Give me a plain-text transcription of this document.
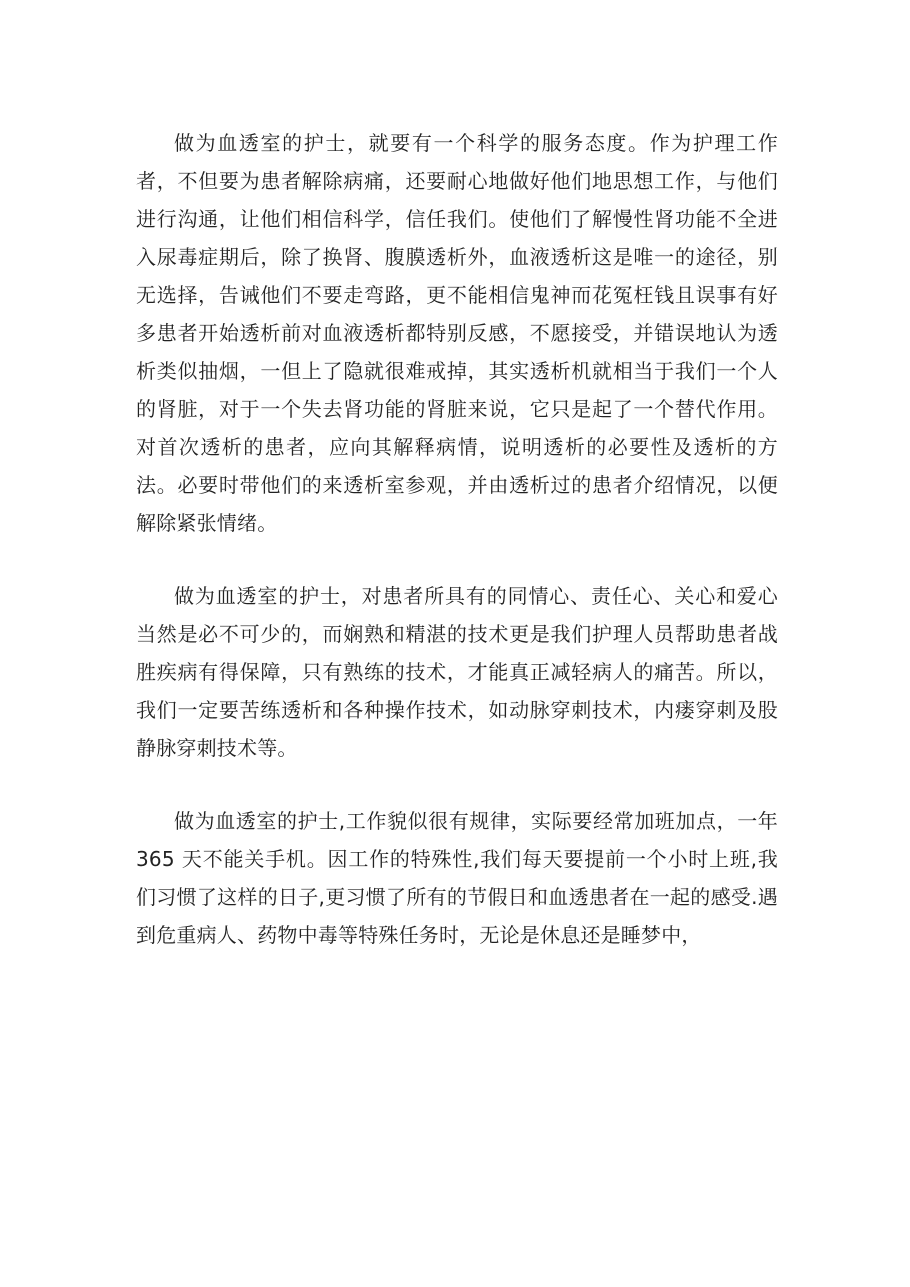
做为血透室的护士，就要有一个科学的服务态度。作为护理工作者，不但要为患者解除病痛，还要耐心地做好他们地思想工作，与他们进行沟通，让他们相信科学，信任我们。使他们了解慢性肾功能不全进入尿毒症期后，除了换肾、腹膜透析外，血液透析这是唯一的途径，别无选择，告诫他们不要走弯路，更不能相信鬼神而花冤枉钱且误事有好多患者开始透析前对血液透析都特别反感，不愿接受，并错误地认为透析类似抽烟，一但上了隐就很难戒掉，其实透析机就相当于我们一个人的肾脏，对于一个失去肾功能的肾脏来说，它只是起了一个替代作用。对首次透析的患者，应向其解释病情，说明透析的必要性及透析的方法。必要时带他们的来透析室参观，并由透析过的患者介绍情况，以便解除紧张情绪。

做为血透室的护士，对患者所具有的同情心、责任心、关心和爱心当然是必不可少的，而娴熟和精湛的技术更是我们护理人员帮助患者战胜疾病有得保障，只有熟练的技术，才能真正减轻病人的痛苦。所以，我们一定要苦练透析和各种操作技术，如动脉穿刺技术，内瘘穿刺及股静脉穿刺技术等。

做为血透室的护士,工作貌似很有规律，实际要经常加班加点，一年 365 天不能关手机。因工作的特殊性,我们每天要提前一个小时上班,我们习惯了这样的日子,更习惯了所有的节假日和血透患者在一起的感受.遇到危重病人、药物中毒等特殊任务时，无论是休息还是睡梦中，
